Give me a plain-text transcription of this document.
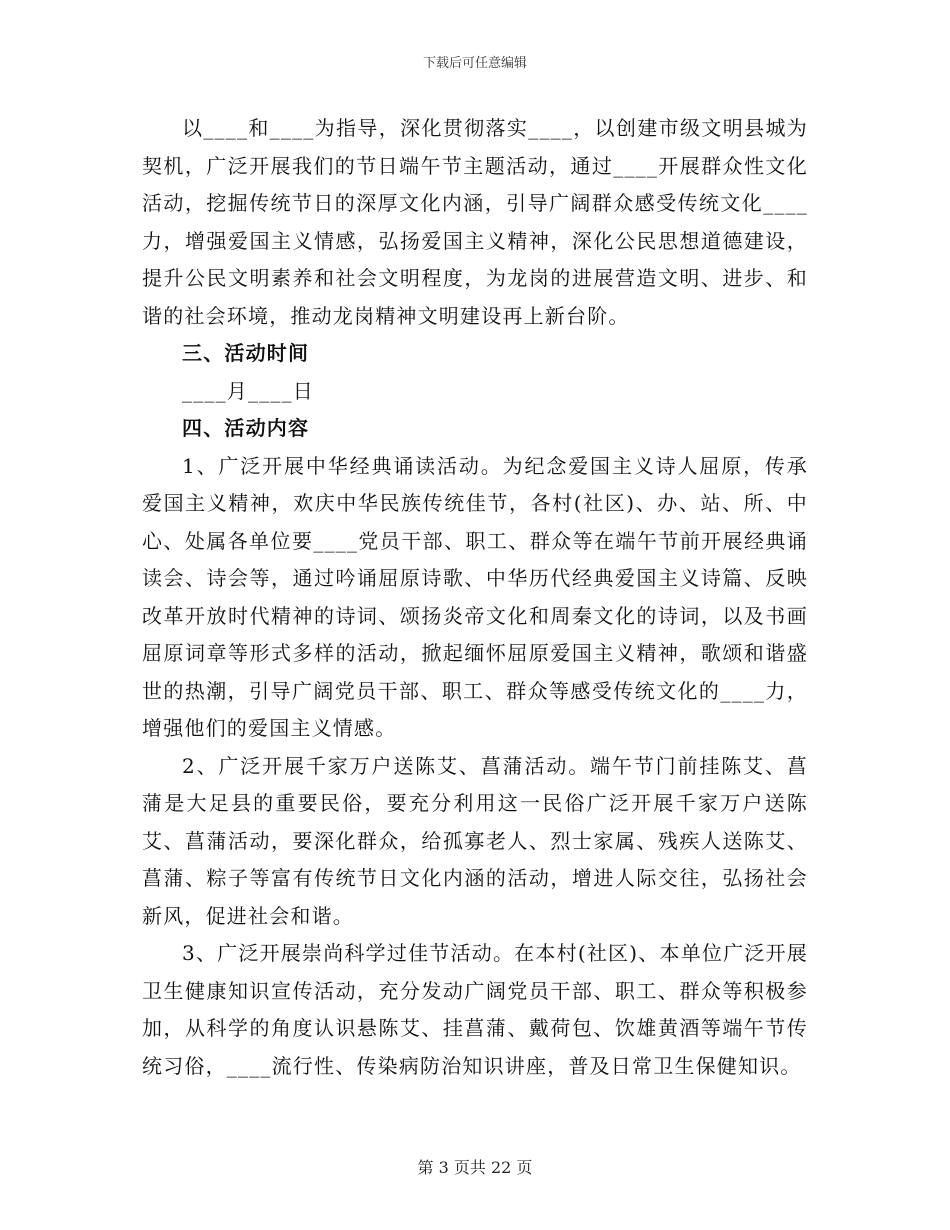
下载后可任意编辑

以____和____为指导，深化贯彻落实____，以创建市级文明县城为契机，广泛开展我们的节日端午节主题活动，通过____开展群众性文化活动，挖掘传统节日的深厚文化内涵，引导广阔群众感受传统文化____力，增强爱国主义情感，弘扬爱国主义精神，深化公民思想道德建设，提升公民文明素养和社会文明程度，为龙岗的进展营造文明、进步、和谐的社会环境，推动龙岗精神文明建设再上新台阶。

三、活动时间

____月____日

四、活动内容

1、广泛开展中华经典诵读活动。为纪念爱国主义诗人屈原，传承爱国主义精神，欢庆中华民族传统佳节，各村(社区)、办、站、所、中心、处属各单位要____党员干部、职工、群众等在端午节前开展经典诵读会、诗会等，通过吟诵屈原诗歌、中华历代经典爱国主义诗篇、反映改革开放时代精神的诗词、颂扬炎帝文化和周秦文化的诗词，以及书画屈原词章等形式多样的活动，掀起缅怀屈原爱国主义精神，歌颂和谐盛世的热潮，引导广阔党员干部、职工、群众等感受传统文化的____力，增强他们的爱国主义情感。

2、广泛开展千家万户送陈艾、菖蒲活动。端午节门前挂陈艾、菖蒲是大足县的重要民俗，要充分利用这一民俗广泛开展千家万户送陈艾、菖蒲活动，要深化群众，给孤寡老人、烈士家属、残疾人送陈艾、菖蒲、粽子等富有传统节日文化内涵的活动，增进人际交往，弘扬社会新风，促进社会和谐。

3、广泛开展崇尚科学过佳节活动。在本村(社区)、本单位广泛开展卫生健康知识宣传活动，充分发动广阔党员干部、职工、群众等积极参加，从科学的角度认识悬陈艾、挂菖蒲、戴荷包、饮雄黄酒等端午节传统习俗，____流行性、传染病防治知识讲座，普及日常卫生保健知识。

第 3 页共 22 页
